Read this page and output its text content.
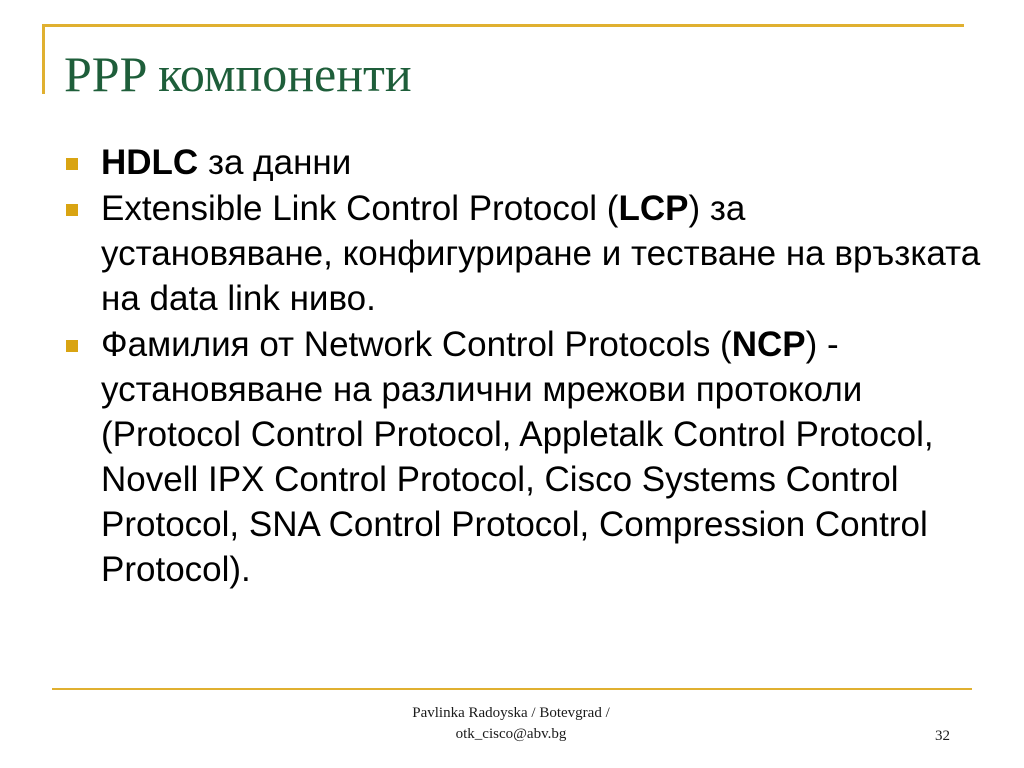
PPP компоненти
HDLC за данни
Extensible Link Control Protocol (LCP) за установяване, конфигуриране и тестване на връзката на data link ниво.
Фамилия от Network Control Protocols (NCP) -  установяване на различни мрежови протоколи (Protocol Control Protocol, Appletalk Control Protocol, Novell IPX Control Protocol, Cisco Systems Control Protocol, SNA Control Protocol, Compression Control Protocol).
Pavlinka Radoyska / Botevgrad /
otk_cisco@abv.bg	32
